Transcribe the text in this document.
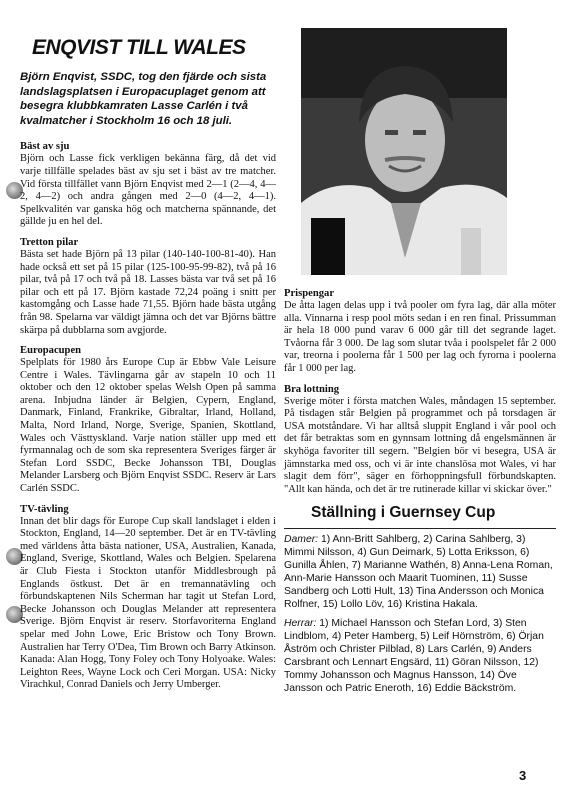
ENQVIST TILL WALES
Björn Enqvist, SSDC, tog den fjärde och sista landslagsplatsen i Europacuplaget genom att besegra klubbkamraten Lasse Carlén i två kvalmatcher i Stockholm 16 och 18 juli.
Bäst av sju
Björn och Lasse fick verkligen bekänna färg, då det vid varje tillfälle spelades bäst av sju set i bäst av tre matcher. Vid första tillfället vann Björn Enqvist med 2—1 (2—4, 4—2, 4—2) och andra gången med 2—0 (4—2, 4—1). Spelkvalitén var ganska hög och matcherna spännande, det gällde ju en hel del.
Tretton pilar
Bästa set hade Björn på 13 pilar (140-140-100-81-40). Han hade också ett set på 15 pilar (125-100-95-99-82), två på 16 pilar, två på 17 och två på 18. Lasses bästa var två set på 16 pilar och ett på 17. Björn kastade 72,24 poäng i snitt per kastomgång och Lasse hade 71,55. Björn hade bästa utgång från 98. Spelarna var väldigt jämna och det var Björns bättre skärpa på dubblarna som avgjorde.
Europacupen
Spelplats för 1980 års Europe Cup är Ebbw Vale Leisure Centre i Wales. Tävlingarna går av stapeln 10 och 11 oktober och den 12 oktober spelas Welsh Open på samma arena. Inbjudna länder är Belgien, Cypern, England, Danmark, Finland, Frankrike, Gibraltar, Irland, Holland, Malta, Nord Irland, Norge, Sverige, Spanien, Skottland, Wales och Västtyskland. Varje nation ställer upp med ett fyrmannalag och de som ska representera Sveriges färger är Stefan Lord SSDC, Becke Johansson TBI, Douglas Melander Larsberg och Björn Enqvist SSDC. Reserv är Lars Carlén SSDC.
TV-tävling
Innan det blir dags för Europe Cup skall landslaget i elden i Stockton, England, 14—20 september. Det är en TV-tävling med världens åtta bästa nationer, USA, Australien, Kanada, England, Sverige, Skottland, Wales och Belgien. Spelarena är Club Fiesta i Stockton utanför Middlesbrough på Englands östkust. Det är en tremannatävling och förbundskaptenen Nils Scherman har tagit ut Stefan Lord, Becke Johansson och Douglas Melander att representera Sverige. Björn Enqvist är reserv. Storfavoriterna England spelar med John Lowe, Eric Bristow och Tony Brown. Australien har Terry O'Dea, Tim Brown och Barry Atkinson. Kanada: Alan Hogg, Tony Foley och Tony Holyoake. Wales: Leighton Rees, Wayne Lock och Ceri Morgan. USA: Nicky Virachkul, Conrad Daniels och Jerry Umberger.
Prispengar
De åtta lagen delas upp i två pooler om fyra lag, där alla möter alla. Vinnarna i resp pool möts sedan i en ren final. Prissumman är hela 18 000 pund varav 6 000 går till det segrande laget. Tvåorna får 3 000. De lag som slutar tvåa i poolspelet får 2 000 var, treorna i poolerna får 1 500 per lag och fyrorna i poolerna får 1 000 per lag.
Bra lottning
Sverige möter i första matchen Wales, måndagen 15 september. På tisdagen står Belgien på programmet och på torsdagen är USA motståndare. Vi har alltså sluppit England i vår pool och det får betraktas som en gynnsam lottning då engelsmännen är skyhöga favoriter till segern. "Belgien bör vi besegra, USA är jämnstarka med oss, och vi är inte chanslösa mot Wales, vi har slagit dem förr", säger en förhoppningsfull förbundskapten. "Allt kan hända, och det är tre rutinerade killar vi skickar över."
Ställning i Guernsey Cup
Damer: 1) Ann-Britt Sahlberg, 2) Carina Sahlberg, 3) Mimmi Nilsson, 4) Gun Deimark, 5) Lotta Eriksson, 6) Gunilla Åhlen, 7) Marianne Wathén, 8) Anna-Lena Roman, Ann-Marie Hansson och Maarit Tuominen, 11) Susse Sandberg och Lotti Hult, 13) Tina Andersson och Monica Rolfner, 15) Lollo Löv, 16) Kristina Hakala.
Herrar: 1) Michael Hansson och Stefan Lord, 3) Sten Lindblom, 4) Peter Hamberg, 5) Leif Hörnström, 6) Örjan Åström och Christer Pilblad, 8) Lars Carlén, 9) Anders Carsbrant och Lennart Engsärd, 11) Göran Nilsson, 12) Tommy Johansson och Magnus Hansson, 14) Öve Jansson och Patric Eneroth, 16) Eddie Bäckström.
3
